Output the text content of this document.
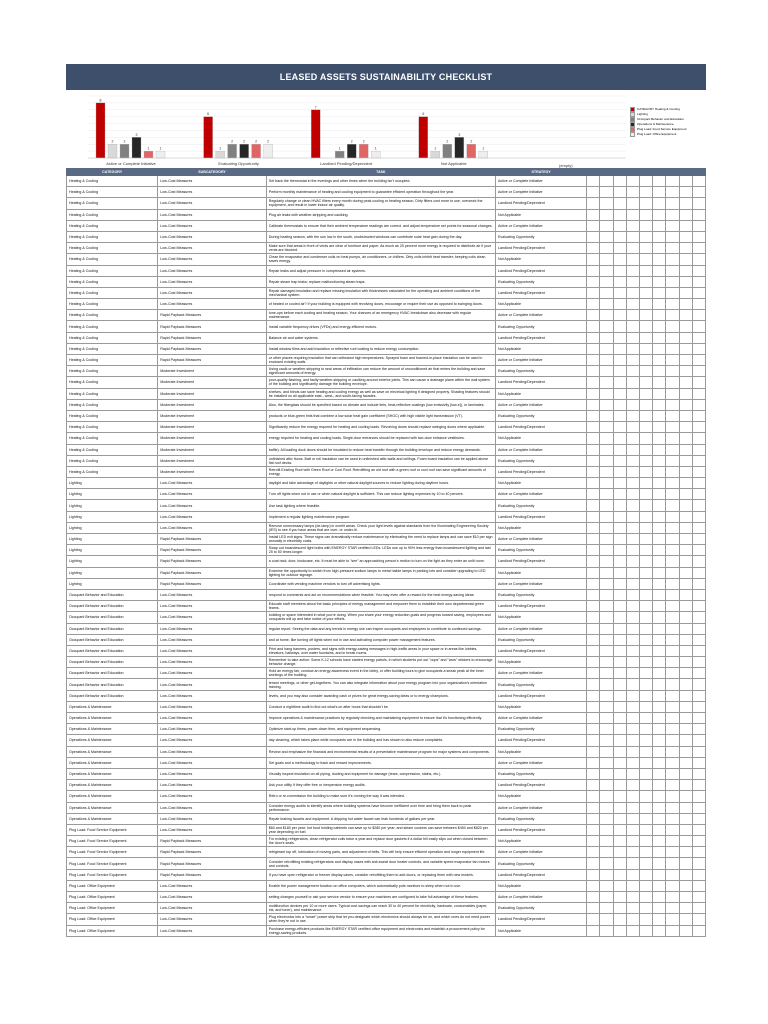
LEASED ASSETS SUSTAINABILITY CHECKLIST
8
2	2
3
1	1
Active or Complete Initiative
6
1
2	2	2	2
Evaluating Opportunity
7
1
2	2
1
Landlord Pending/Dependent
6
1
2
3
2
1
Not Applicable
CATEGORY Heating & Cooling
Lighting
Occupant Behavior and Education
Operations & Maintenance
Plug Load: Food Service Equipment
Plug Load: Office Equipment
(empty)
CATEGORY	SUBCATEGORY	TASK	STRATEGY									
Heating & Cooling	Low-Cost Measures	Set back the thermostat in the evenings and other times when the building isn't occupied.	Active or Complete Initiative									
Heating & Cooling	Low-Cost Measures	Perform monthly maintenance of heating and cooling equipment to guarantee efficient operation throughout the year.	Active or Complete Initiative									
Heating & Cooling	Low-Cost Measures	Regularly change or clean HVAC filters every month during peak cooling or heating season. Dirty filters cost more to use, overwork the equipment, and result in lower indoor air quality.	Landlord Pending/Dependent									
Heating & Cooling	Low-Cost Measures	Plug air leaks with weather-stripping and caulking.	Not Applicable									
Heating & Cooling	Low-Cost Measures	Calibrate thermostats to ensure that their ambient temperature readings are correct, and adjust temperature set points for seasonal changes.	Active or Complete Initiative									
Heating & Cooling	Low-Cost Measures	During heating season, with the sun low in the south, unobstructed windows can contribute solar heat gain during the day.	Evaluating Opportunity									
Heating & Cooling	Low-Cost Measures	Make sure that areas in front of vents are clear of furniture and paper. As much as 25 percent more energy is required to distribute air if your vents are blocked.	Landlord Pending/Dependent									
Heating & Cooling	Low-Cost Measures	Clean the evaporator and condenser coils on heat pumps, air conditioners, or chillers. Dirty coils inhibit heat transfer; keeping coils clean saves energy.	Not Applicable									
Heating & Cooling	Low-Cost Measures	Repair leaks and adjust pressure in compressed air systems.	Landlord Pending/Dependent									
Heating & Cooling	Low-Cost Measures	Repair steam trap leaks; replace malfunctioning steam traps.	Evaluating Opportunity									
Heating & Cooling	Low-Cost Measures	Repair damaged insulation and replace missing insulation with thicknesses calculated for the operating and ambient conditions of the mechanical system.	Landlord Pending/Dependent									
Heating & Cooling	Low-Cost Measures	of heated or cooled air? If your building is equipped with revolving doors, encourage or require their use as opposed to swinging doors.	Not Applicable									
Heating & Cooling	Rapid Payback Measures	tune-ups before each cooling and heating season. Your chances of an emergency HVAC breakdown also decrease with regular maintenance.	Active or Complete Initiative									
Heating & Cooling	Rapid Payback Measures	Install variable frequency drives (VFDs) and energy-efficient motors.	Evaluating Opportunity									
Heating & Cooling	Rapid Payback Measures	Balance air and water systems.	Landlord Pending/Dependent									
Heating & Cooling	Rapid Payback Measures	Install window films and add insulation or reflective roof coating to reduce energy consumption.	Not Applicable									
Heating & Cooling	Rapid Payback Measures	or other places requiring insulation that can withstand high temperatures. Sprayed foam and foamed-in-place insulation can be used in enclosed existing walls.	Active or Complete Initiative									
Heating & Cooling	Moderate Investment	Using caulk or weather-stripping to seal areas of infiltration can reduce the amount of unconditioned air that enters the building and save significant amounts of energy.	Evaluating Opportunity									
Heating & Cooling	Moderate Investment	poor-quality flashing, and faulty weather-stripping or caulking around exterior joints. This can cause a drainage plane within the wall system of the building and significantly damage the building envelope.	Landlord Pending/Dependent									
Heating & Cooling	Moderate Investment	shelves, and blinds can save heating and cooling energy as well as save on electrical lighting if designed properly. Shading features should be installed on all applicable east-, west-, and south-facing facades.	Not Applicable									
Heating & Cooling	Moderate Investment	Also, the fiberglass should be specified based on climate and include tints, heat-reflective coatings (low emissivity [low-e]), or laminates.	Active or Complete Initiative									
Heating & Cooling	Moderate Investment	products or blue-green tints that combine a low solar heat gain coefficient (SHGC) with high visible light transmission (VT).	Evaluating Opportunity									
Heating & Cooling	Moderate Investment	Significantly reduce the energy required for heating and cooling loads. Revolving doors should replace swinging doors where applicable.	Landlord Pending/Dependent									
Heating & Cooling	Moderate Investment	energy required for heating and cooling loads. Single-door entrances should be replaced with two-door entrance vestibules.	Not Applicable									
Heating & Cooling	Moderate Investment	baffle). All loading dock doors should be insulated to reduce heat transfer through the building envelope and reduce energy demands.	Active or Complete Initiative									
Heating & Cooling	Moderate Investment	unfinished attic floors. Batt or roll insulation can be used in unfinished attic walls and ceilings. Foam board insulation can be applied above flat roof decks.	Evaluating Opportunity									
Heating & Cooling	Moderate Investment	Retrofit Existing Roof with Green Roof or Cool Roof. Retrofitting an old roof with a green roof or cool roof can save significant amounts of energy.	Landlord Pending/Dependent									
Lighting	Low-Cost Measures	daylight and take advantage of daylights or other natural daylight sources to reduce lighting during daytime hours.	Not Applicable									
Lighting	Low-Cost Measures	Turn off lights when not in use or when natural daylight is sufficient. This can reduce lighting expenses by 10 to 40 percent.	Active or Complete Initiative									
Lighting	Low-Cost Measures	Use task lighting where feasible.	Evaluating Opportunity									
Lighting	Low-Cost Measures	Implement a regular lighting maintenance program.	Landlord Pending/Dependent									
Lighting	Low-Cost Measures	Remove unnecessary lamps (de-lamp) in overlit areas. Check your light levels against standards from the Illuminating Engineering Society (IES) to see if you have areas that are over- or under-lit.	Not Applicable									
Lighting	Rapid Payback Measures	Install LED exit signs. These signs can dramatically reduce maintenance by eliminating the need to replace lamps and can save $10 per sign annually in electricity costs.	Active or Complete Initiative									
Lighting	Rapid Payback Measures	Swap out incandescent light bulbs with ENERGY STAR certified LEDs. LEDs use up to 90% less energy than incandescent lighting and last 25 to 50 times longer.	Evaluating Opportunity									
Lighting	Rapid Payback Measures	a coat rack, door, bookcase, etc. It must be able to "see" an approaching person's motion to turn on the light as they enter an unlit room.	Landlord Pending/Dependent									
Lighting	Rapid Payback Measures	Examine the opportunity to switch from high-pressure sodium lamps to metal halide lamps in parking lots and consider upgrading to LED lighting for outdoor signage.	Not Applicable									
Lighting	Rapid Payback Measures	Coordinate with vending machine vendors to turn off advertising lights.	Active or Complete Initiative									
Occupant Behavior and Education	Low-Cost Measures	respond to comments and act on recommendations when feasible. You may even offer a reward for the best energy-saving ideas.	Evaluating Opportunity									
Occupant Behavior and Education	Low-Cost Measures	Educate staff members about the basic principles of energy management and empower them to establish their own departmental green teams.	Landlord Pending/Dependent									
Occupant Behavior and Education	Low-Cost Measures	building or space interested in what you're doing. When you share your energy reduction goals and progress toward saving, employees and occupants will up and take notice of your efforts.	Not Applicable									
Occupant Behavior and Education	Low-Cost Measures	regular report. Seeing the data and any trends in energy use can inspire occupants and employees to contribute to continued savings.	Active or Complete Initiative									
Occupant Behavior and Education	Low-Cost Measures	and at home, like turning off lights when not in use and activating computer power management features.	Evaluating Opportunity									
Occupant Behavior and Education	Low-Cost Measures	Print and hang banners, posters, and signs with energy-saving messages in high-traffic areas in your space or in areas like lobbies, elevators, hallways, over water fountains, and in break rooms.	Landlord Pending/Dependent									
Occupant Behavior and Education	Low-Cost Measures	Remember to take action: Some K-12 schools have started energy patrols, in which students put out "oops" and "wow" stickers to encourage behavior change.	Not Applicable									
Occupant Behavior and Education	Low-Cost Measures	Hold an energy fair, conduct an energy awareness event in the lobby, or offer building tours to give occupants a sneak peak at the inner workings of the building.	Active or Complete Initiative									
Occupant Behavior and Education	Low-Cost Measures	tenant meetings, or other get-togethers. You can also integrate information about your energy program into your organization's orientation training.	Evaluating Opportunity									
Occupant Behavior and Education	Low-Cost Measures	levels, and you may also consider awarding cash or prizes for great energy-saving ideas or to energy champions.	Landlord Pending/Dependent									
Operations & Maintenance	Low-Cost Measures	Conduct a nighttime audit to find out what's on after hours that shouldn't be.	Not Applicable									
Operations & Maintenance	Low-Cost Measures	Improve operations & maintenance practices by regularly checking and maintaining equipment to ensure that it's functioning efficiently.	Active or Complete Initiative									
Operations & Maintenance	Low-Cost Measures	Optimize start-up times, power-down time, and equipment sequencing.	Evaluating Opportunity									
Operations & Maintenance	Low-Cost Measures	day cleaning, which takes place while occupants are in the building and has shown to also reduce complaints.	Landlord Pending/Dependent									
Operations & Maintenance	Low-Cost Measures	Review and emphasize the financial and environmental results of a preventative maintenance program for major systems and components.	Not Applicable									
Operations & Maintenance	Low-Cost Measures	Set goals and a methodology to track and reward improvements.	Active or Complete Initiative									
Operations & Maintenance	Low-Cost Measures	Visually inspect insulation on all piping, ducting and equipment for damage (tears, compression, stains, etc.).	Evaluating Opportunity									
Operations & Maintenance	Low-Cost Measures	Ask your utility if they offer free or inexpensive energy audits.	Landlord Pending/Dependent									
Operations & Maintenance	Low-Cost Measures	Retro or re-commission the building to make sure it's running the way it was intended.	Not Applicable									
Operations & Maintenance	Low-Cost Measures	Consider energy audits to identify areas where building systems have become inefficient over time and bring them back to peak performance.	Active or Complete Initiative									
Operations & Maintenance	Low-Cost Measures	Repair leaking faucets and equipment. A dripping hot water faucet can leak hundreds of gallons per year.	Evaluating Opportunity									
Plug Load: Food Service Equipment	Low-Cost Measures	$60 and $180 per year; hot food holding cabinets can save up to $280 per year; and steam cookers can save between $450 and $820 per year depending on fuel.	Landlord Pending/Dependent									
Plug Load: Food Service Equipment	Rapid Payback Measures	For existing refrigerators, clean refrigerator coils twice a year and replace door gaskets if a dollar bill easily slips out when closed between the door's seals.	Not Applicable									
Plug Load: Food Service Equipment	Rapid Payback Measures	refrigerant top off, lubrication of moving parts, and adjustment of belts. This will help ensure efficient operation and longer equipment life.	Active or Complete Initiative									
Plug Load: Food Service Equipment	Rapid Payback Measures	Consider retrofitting existing refrigerators and display cases with anti-sweat door heater controls, and variable speed evaporator fan motors and controls.	Evaluating Opportunity									
Plug Load: Food Service Equipment	Rapid Payback Measures	If you have open refrigerator or freezer display cases, consider retrofitting them to add doors, or replacing them with new models.	Landlord Pending/Dependent									
Plug Load: Office Equipment	Low-Cost Measures	Enable the power management function on office computers, which automatically puts monitors to sleep when not in use.	Not Applicable									
Plug Load: Office Equipment	Low-Cost Measures	setting changes yourself or ask your service vendor to ensure your machines are configured to take full advantage of these features.	Active or Complete Initiative									
Plug Load: Office Equipment	Low-Cost Measures	multifunction devices per 10 or more users. Typical cost savings can reach 30 to 40 percent for electricity, hardware, consumables (paper, ink, and toner), and maintenance.	Evaluating Opportunity									
Plug Load: Office Equipment	Low-Cost Measures	Plug electronics into a "smart" power strip that let you designate which electronics should always be on, and which ones do not need power when they're not in use.	Landlord Pending/Dependent									
Plug Load: Office Equipment	Low-Cost Measures	Purchase energy-efficient products like ENERGY STAR certified office equipment and electronics and establish a procurement policy for energy-saving products.	Not Applicable									
